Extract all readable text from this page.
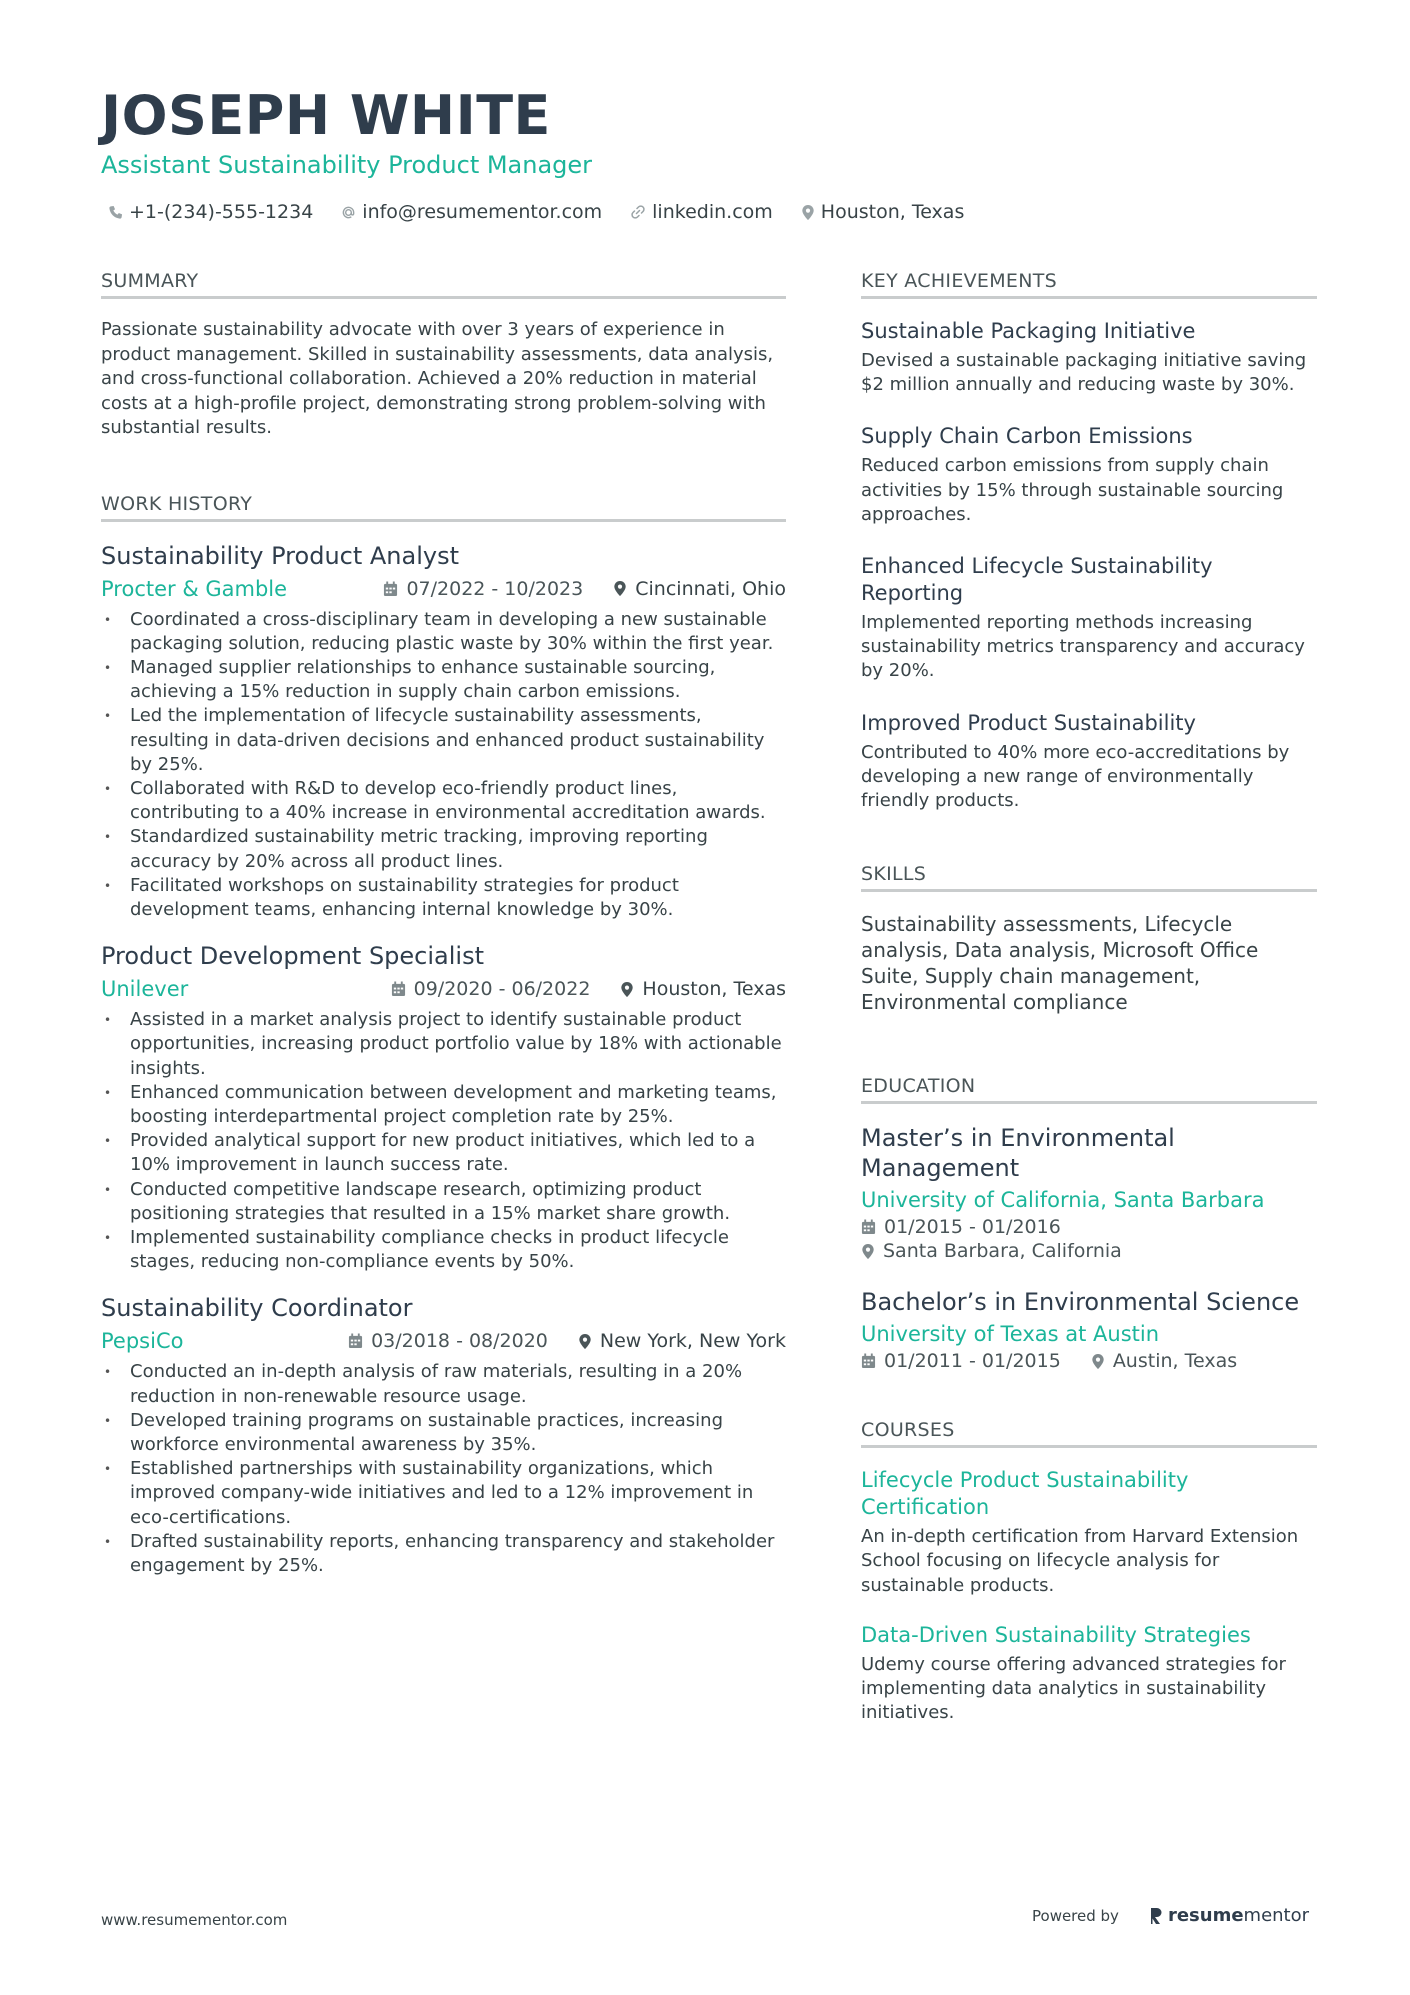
JOSEPH WHITE
Assistant Sustainability Product Manager
+1-(234)-555-1234	info@resumementor.com	linkedin.com	Houston, Texas
SUMMARY
Passionate sustainability advocate with over 3 years of experience in product management. Skilled in sustainability assessments, data analysis, and cross-functional collaboration. Achieved a 20% reduction in material costs at a high-profile project, demonstrating strong problem-solving with substantial results.
WORK HISTORY
Sustainability Product Analyst
Procter & Gamble	07/2022 - 10/2023	Cincinnati, Ohio
• Coordinated a cross-disciplinary team in developing a new sustainable packaging solution, reducing plastic waste by 30% within the first year.
• Managed supplier relationships to enhance sustainable sourcing, achieving a 15% reduction in supply chain carbon emissions.
• Led the implementation of lifecycle sustainability assessments, resulting in data-driven decisions and enhanced product sustainability by 25%.
• Collaborated with R&D to develop eco-friendly product lines, contributing to a 40% increase in environmental accreditation awards.
• Standardized sustainability metric tracking, improving reporting accuracy by 20% across all product lines.
• Facilitated workshops on sustainability strategies for product development teams, enhancing internal knowledge by 30%.
Product Development Specialist
Unilever	09/2020 - 06/2022	Houston, Texas
• Assisted in a market analysis project to identify sustainable product opportunities, increasing product portfolio value by 18% with actionable insights.
• Enhanced communication between development and marketing teams, boosting interdepartmental project completion rate by 25%.
• Provided analytical support for new product initiatives, which led to a 10% improvement in launch success rate.
• Conducted competitive landscape research, optimizing product positioning strategies that resulted in a 15% market share growth.
• Implemented sustainability compliance checks in product lifecycle stages, reducing non-compliance events by 50%.
Sustainability Coordinator
PepsiCo	03/2018 - 08/2020	New York, New York
• Conducted an in-depth analysis of raw materials, resulting in a 20% reduction in non-renewable resource usage.
• Developed training programs on sustainable practices, increasing workforce environmental awareness by 35%.
• Established partnerships with sustainability organizations, which improved company-wide initiatives and led to a 12% improvement in eco-certifications.
• Drafted sustainability reports, enhancing transparency and stakeholder engagement by 25%.
KEY ACHIEVEMENTS
Sustainable Packaging Initiative
Devised a sustainable packaging initiative saving $2 million annually and reducing waste by 30%.
Supply Chain Carbon Emissions
Reduced carbon emissions from supply chain activities by 15% through sustainable sourcing approaches.
Enhanced Lifecycle Sustainability Reporting
Implemented reporting methods increasing sustainability metrics transparency and accuracy by 20%.
Improved Product Sustainability
Contributed to 40% more eco-accreditations by developing a new range of environmentally friendly products.
SKILLS
Sustainability assessments, Lifecycle analysis, Data analysis, Microsoft Office Suite, Supply chain management, Environmental compliance
EDUCATION
Master’s in Environmental Management
University of California, Santa Barbara
01/2015 - 01/2016
Santa Barbara, California
Bachelor’s in Environmental Science
University of Texas at Austin
01/2011 - 01/2015	Austin, Texas
COURSES
Lifecycle Product Sustainability Certification
An in-depth certification from Harvard Extension School focusing on lifecycle analysis for sustainable products.
Data-Driven Sustainability Strategies
Udemy course offering advanced strategies for implementing data analytics in sustainability initiatives.
www.resumementor.com	Powered by	resume mentor
